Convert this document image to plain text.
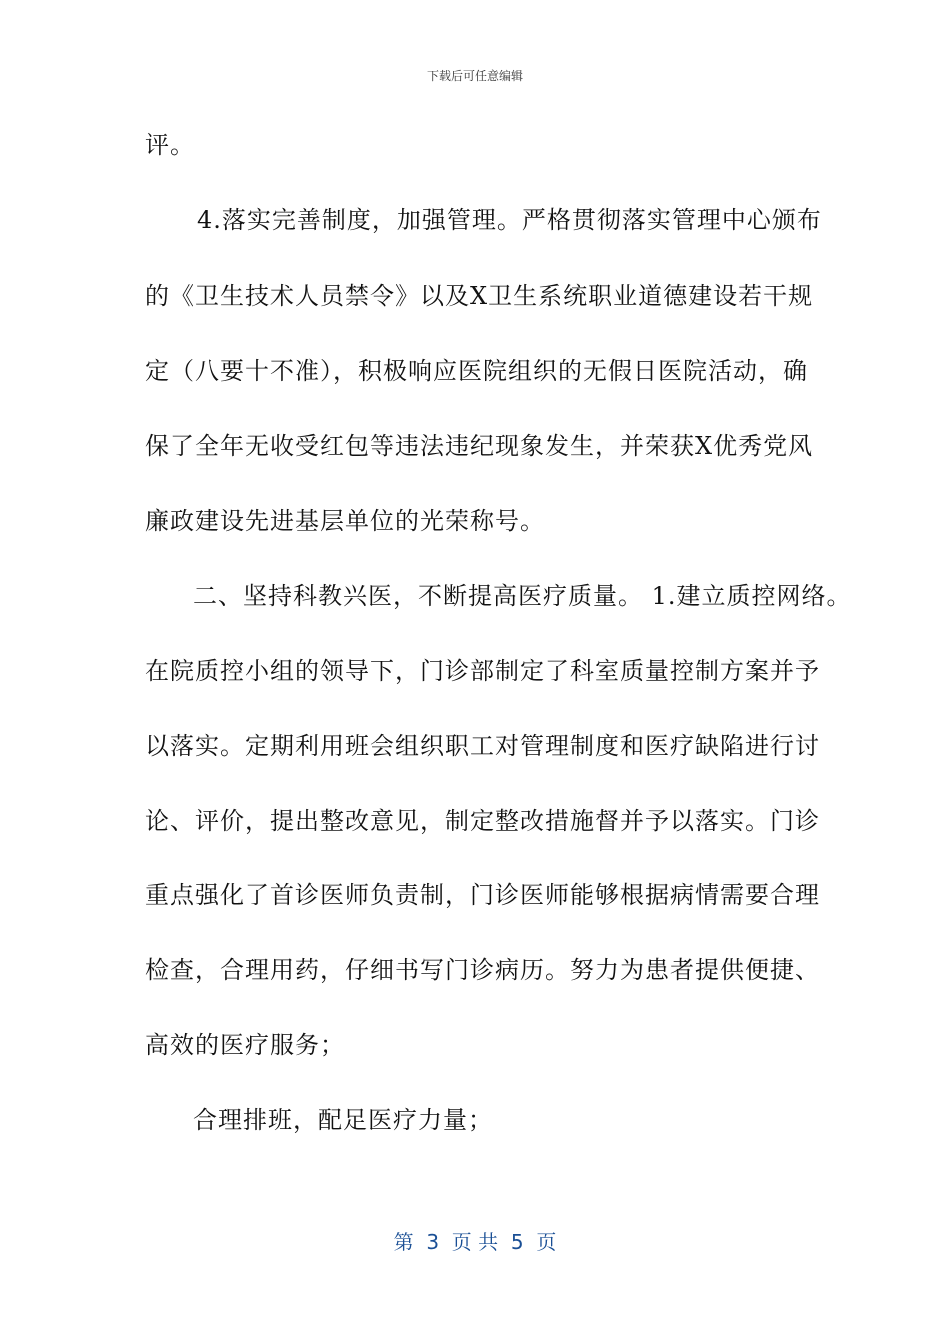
下载后可任意编辑
评。
4.落实完善制度，加强管理。严格贯彻落实管理中心颁布
的《卫生技术人员禁令》以及X卫生系统职业道德建设若干规
定（八要十不准），积极响应医院组织的无假日医院活动，确
保了全年无收受红包等违法违纪现象发生，并荣获X优秀党风
廉政建设先进基层单位的光荣称号。
二、坚持科教兴医，不断提高医疗质量。 1.建立质控网络。
在院质控小组的领导下，门诊部制定了科室质量控制方案并予
以落实。定期利用班会组织职工对管理制度和医疗缺陷进行讨
论、评价，提出整改意见，制定整改措施督并予以落实。门诊
重点强化了首诊医师负责制，门诊医师能够根据病情需要合理
检查，合理用药，仔细书写门诊病历。努力为患者提供便捷、
高效的医疗服务；
合理排班，配足医疗力量；
第  3  页 共  5  页
